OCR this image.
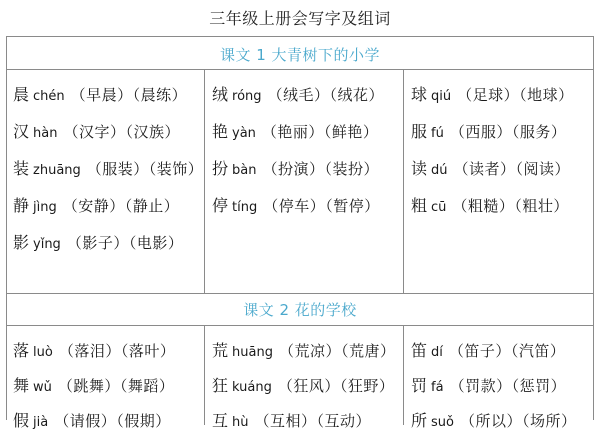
三年级上册会写字及组词
课文 1 大青树下的小学
课文 2 花的学校
晨 chén （早晨）（晨练）
汉 hàn （汉字）（汉族）
装 zhuāng （服装）（装饰）
静 jìng （安静）（静止）
影 yǐng （影子）（电影）
绒 róng （绒毛）（绒花）
艳 yàn （艳丽）（鲜艳）
扮 bàn （扮演）（装扮）
停 tíng （停车）（暂停）
球 qiú （足球）（地球）
服 fú （西服）（服务）
读 dú （读者）（阅读）
粗 cū （粗糙）（粗壮）
落 luò （落泪）（落叶）
舞 wǔ （跳舞）（舞蹈）
假 jià （请假）（假期）
荒 huāng （荒凉）（荒唐）
狂 kuáng （狂风）（狂野）
互 hù （互相）（互动）
笛 dí （笛子）（汽笛）
罚 fá （罚款）（惩罚）
所 suǒ （所以）（场所）
